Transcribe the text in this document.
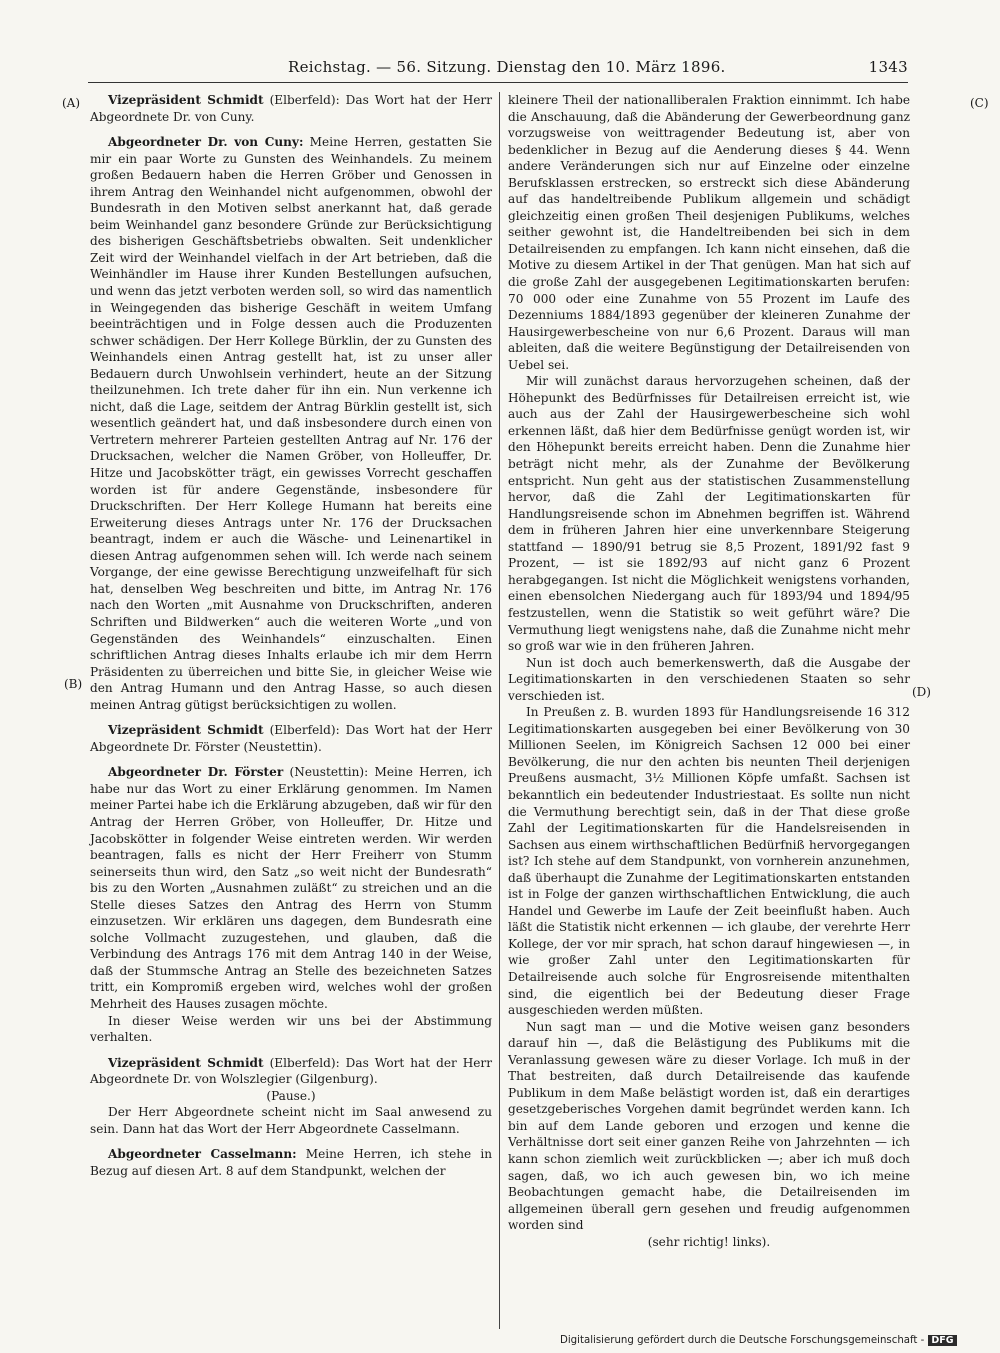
Reichstag. — 56. Sitzung. Dienstag den 10. März 1896.	1343
(A)
(B)
(C)
(D)

Vizepräsident Schmidt (Elberfeld): Das Wort hat der Herr Abgeordnete Dr. von Cuny.

Abgeordneter Dr. von Cuny: Meine Herren, gestatten Sie mir ein paar Worte zu Gunsten des Weinhandels. Zu meinem großen Bedauern haben die Herren Gröber und Genossen in ihrem Antrag den Weinhandel nicht aufgenommen, obwohl der Bundesrath in den Motiven selbst anerkannt hat, daß gerade beim Weinhandel ganz besondere Gründe zur Berücksichtigung des bisherigen Geschäftsbetriebs obwalten. Seit undenklicher Zeit wird der Weinhandel vielfach in der Art betrieben, daß die Weinhändler im Hause ihrer Kunden Bestellungen aufsuchen, und wenn das jetzt verboten werden soll, so wird das namentlich in Weingegenden das bisherige Geschäft in weitem Umfang beeinträchtigen und in Folge dessen auch die Produzenten schwer schädigen. Der Herr Kollege Bürklin, der zu Gunsten des Weinhandels einen Antrag gestellt hat, ist zu unser aller Bedauern durch Unwohlsein verhindert, heute an der Sitzung theilzunehmen. Ich trete daher für ihn ein. Nun verkenne ich nicht, daß die Lage, seitdem der Antrag Bürklin gestellt ist, sich wesentlich geändert hat, und daß insbesondere durch einen von Vertretern mehrerer Parteien gestellten Antrag auf Nr. 176 der Drucksachen, welcher die Namen Gröber, von Holleuffer, Dr. Hitze und Jacobskötter trägt, ein gewisses Vorrecht geschaffen worden ist für andere Gegenstände, insbesondere für Druckschriften. Der Herr Kollege Humann hat bereits eine Erweiterung dieses Antrags unter Nr. 176 der Drucksachen beantragt, indem er auch die Wäsche- und Leinenartikel in diesen Antrag aufgenommen sehen will. Ich werde nach seinem Vorgange, der eine gewisse Berechtigung unzweifelhaft für sich hat, denselben Weg beschreiten und bitte, im Antrag Nr. 176 nach den Worten „mit Ausnahme von Druckschriften, anderen Schriften und Bildwerken“ auch die weiteren Worte „und von Gegenständen des Weinhandels“ einzuschalten. Einen schriftlichen Antrag dieses Inhalts erlaube ich mir dem Herrn Präsidenten zu überreichen und bitte Sie, in gleicher Weise wie den Antrag Humann und den Antrag Hasse, so auch diesen meinen Antrag gütigst berücksichtigen zu wollen.

Vizepräsident Schmidt (Elberfeld): Das Wort hat der Herr Abgeordnete Dr. Förster (Neustettin).

Abgeordneter Dr. Förster (Neustettin): Meine Herren, ich habe nur das Wort zu einer Erklärung genommen. Im Namen meiner Partei habe ich die Erklärung abzugeben, daß wir für den Antrag der Herren Gröber, von Holleuffer, Dr. Hitze und Jacobskötter in folgender Weise eintreten werden. Wir werden beantragen, falls es nicht der Herr Freiherr von Stumm seinerseits thun wird, den Satz „so weit nicht der Bundesrath“ bis zu den Worten „Ausnahmen zuläßt“ zu streichen und an die Stelle dieses Satzes den Antrag des Herrn von Stumm einzusetzen. Wir erklären uns dagegen, dem Bundesrath eine solche Vollmacht zuzugestehen, und glauben, daß die Verbindung des Antrags 176 mit dem Antrag 140 in der Weise, daß der Stummsche Antrag an Stelle des bezeichneten Satzes tritt, ein Kompromiß ergeben wird, welches wohl der großen Mehrheit des Hauses zusagen möchte.

In dieser Weise werden wir uns bei der Abstimmung verhalten.

Vizepräsident Schmidt (Elberfeld): Das Wort hat der Herr Abgeordnete Dr. von Wolszlegier (Gilgenburg).

(Pause.)

Der Herr Abgeordnete scheint nicht im Saal anwesend zu sein. Dann hat das Wort der Herr Abgeordnete Casselmann.

Abgeordneter Casselmann: Meine Herren, ich stehe in Bezug auf diesen Art. 8 auf dem Standpunkt, welchen der

kleinere Theil der nationalliberalen Fraktion einnimmt. Ich habe die Anschauung, daß die Abänderung der Gewerbeordnung ganz vorzugsweise von weittragender Bedeutung ist, aber von bedenklicher in Bezug auf die Aenderung dieses § 44. Wenn andere Veränderungen sich nur auf Einzelne oder einzelne Berufsklassen erstrecken, so erstreckt sich diese Abänderung auf das handeltreibende Publikum allgemein und schädigt gleichzeitig einen großen Theil desjenigen Publikums, welches seither gewohnt ist, die Handeltreibenden bei sich in dem Detailreisenden zu empfangen. Ich kann nicht einsehen, daß die Motive zu diesem Artikel in der That genügen. Man hat sich auf die große Zahl der ausgegebenen Legitimationskarten berufen: 70 000 oder eine Zunahme von 55 Prozent im Laufe des Dezenniums 1884/1893 gegenüber der kleineren Zunahme der Hausirgewerbescheine von nur 6,6 Prozent. Daraus will man ableiten, daß die weitere Begünstigung der Detailreisenden von Uebel sei.

Mir will zunächst daraus hervorzugehen scheinen, daß der Höhepunkt des Bedürfnisses für Detailreisen erreicht ist, wie auch aus der Zahl der Hausirgewerbescheine sich wohl erkennen läßt, daß hier dem Bedürfnisse genügt worden ist, wir den Höhepunkt bereits erreicht haben. Denn die Zunahme hier beträgt nicht mehr, als der Zunahme der Bevölkerung entspricht. Nun geht aus der statistischen Zusammenstellung hervor, daß die Zahl der Legitimationskarten für Handlungsreisende schon im Abnehmen begriffen ist. Während dem in früheren Jahren hier eine unverkennbare Steigerung stattfand — 1890/91 betrug sie 8,5 Prozent, 1891/92 fast 9 Prozent, — ist sie 1892/93 auf nicht ganz 6 Prozent herabgegangen. Ist nicht die Möglichkeit wenigstens vorhanden, einen ebensolchen Niedergang auch für 1893/94 und 1894/95 festzustellen, wenn die Statistik so weit geführt wäre? Die Vermuthung liegt wenigstens nahe, daß die Zunahme nicht mehr so groß war wie in den früheren Jahren.

Nun ist doch auch bemerkenswerth, daß die Ausgabe der Legitimationskarten in den verschiedenen Staaten so sehr verschieden ist.

In Preußen z. B. wurden 1893 für Handlungsreisende 16 312 Legitimationskarten ausgegeben bei einer Bevölkerung von 30 Millionen Seelen, im Königreich Sachsen 12 000 bei einer Bevölkerung, die nur den achten bis neunten Theil derjenigen Preußens ausmacht, 3½ Millionen Köpfe umfaßt. Sachsen ist bekanntlich ein bedeutender Industriestaat. Es sollte nun nicht die Vermuthung berechtigt sein, daß in der That diese große Zahl der Legitimationskarten für die Handelsreisenden in Sachsen aus einem wirthschaftlichen Bedürfniß hervorgegangen ist? Ich stehe auf dem Standpunkt, von vornherein anzunehmen, daß überhaupt die Zunahme der Legitimationskarten entstanden ist in Folge der ganzen wirthschaftlichen Entwicklung, die auch Handel und Gewerbe im Laufe der Zeit beeinflußt haben. Auch läßt die Statistik nicht erkennen — ich glaube, der verehrte Herr Kollege, der vor mir sprach, hat schon darauf hingewiesen —, in wie großer Zahl unter den Legitimationskarten für Detailreisende auch solche für Engrosreisende mitenthalten sind, die eigentlich bei der Bedeutung dieser Frage ausgeschieden werden müßten.

Nun sagt man — und die Motive weisen ganz besonders darauf hin —, daß die Belästigung des Publikums mit die Veranlassung gewesen wäre zu dieser Vorlage. Ich muß in der That bestreiten, daß durch Detailreisende das kaufende Publikum in dem Maße belästigt worden ist, daß ein derartiges gesetzgeberisches Vorgehen damit begründet werden kann. Ich bin auf dem Lande geboren und erzogen und kenne die Verhältnisse dort seit einer ganzen Reihe von Jahrzehnten — ich kann schon ziemlich weit zurückblicken —; aber ich muß doch sagen, daß, wo ich auch gewesen bin, wo ich meine Beobachtungen gemacht habe, die Detailreisenden im allgemeinen überall gern gesehen und freudig aufgenommen worden sind

(sehr richtig! links).

Digitalisierung gefördert durch die Deutsche Forschungsgemeinschaft - DFG
